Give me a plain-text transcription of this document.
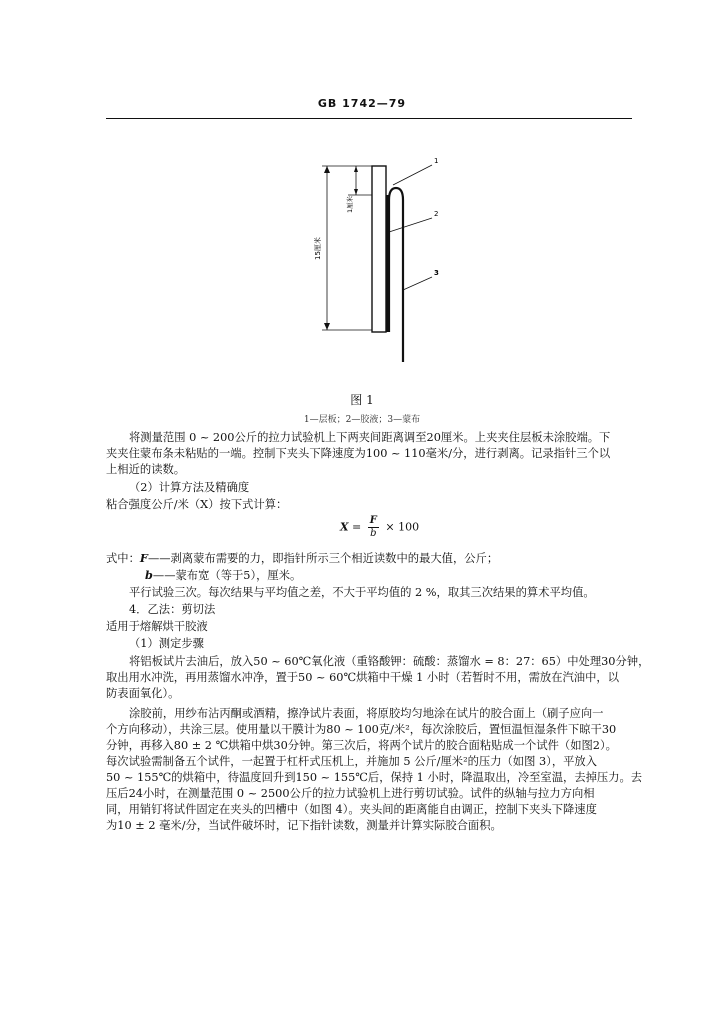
GB 1742—79
15厘米
1厘米
1
2
3
图 1
1—层板；2—胶液；3—蒙布
将测量范围 0 ~ 200公斤的拉力试验机上下两夹间距离调至20厘米。上夹夹住层板未涂胶端。下
夹夹住蒙布条未粘贴的一端。控制下夹头下降速度为100 ~ 110毫米/分，进行剥离。记录指针三个以
上相近的读数。
（2）计算方法及精确度
粘合强度公斤/米（X）按下式计算：
$X = \frac{F}{b} \times 100$
式中：F——剥离蒙布需要的力，即指针所示三个相近读数中的最大值，公斤；
b——蒙布宽（等于5），厘米。
平行试验三次。每次结果与平均值之差，不大于平均值的 2 %，取其三次结果的算术平均值。
4．乙法：剪切法
适用于熔解烘干胶液
（1）测定步骤
将铝板试片去油后，放入50 ~ 60℃氧化液（重铬酸钾：硫酸：蒸馏水 = 8：27：65）中处理30分钟，
取出用水冲洗，再用蒸馏水冲净，置于50 ~ 60℃烘箱中干燥 1 小时（若暂时不用，需放在汽油中，以
防表面氧化）。
涂胶前，用纱布沾丙酮或酒精，擦净试片表面，将原胶均匀地涂在试片的胶合面上（刷子应向一
个方向移动），共涂三层。使用量以干膜计为80 ~ 100克/米²，每次涂胶后，置恒温恒湿条件下晾干30
分钟，再移入80 ± 2 ℃烘箱中烘30分钟。第三次后，将两个试片的胶合面粘贴成一个试件（如图2）。
每次试验需制备五个试件，一起置于杠杆式压机上，并施加 5 公斤/厘米²的压力（如图 3），平放入
50 ~ 155℃的烘箱中，待温度回升到150 ~ 155℃后，保持 1 小时，降温取出，冷至室温，去掉压力。去
压后24小时，在测量范围 0 ~ 2500公斤的拉力试验机上进行剪切试验。试件的纵轴与拉力方向相
同，用销钉将试件固定在夹头的凹槽中（如图 4）。夹头间的距离能自由调正，控制下夹头下降速度
为10 ± 2 毫米/分，当试件破坏时，记下指针读数，测量并计算实际胶合面积。
